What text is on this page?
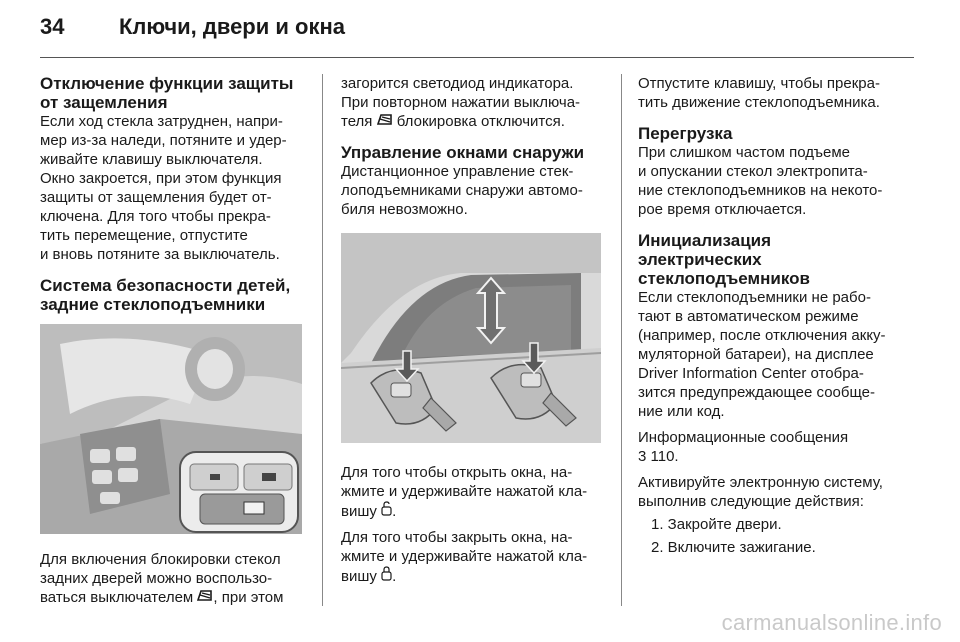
34 Ключи, двери и окна
Отключение функции защиты
от защемления
Если ход стекла затруднен, напри-
мер из-за наледи, потяните и удер-
живайте клавишу выключателя.
Окно закроется, при этом функция
защиты от защемления будет от-
ключена. Для того чтобы прекра-
тить перемещение, отпустите
и вновь потяните за выключатель.
Система безопасности детей,
задние стеклоподъемники
Для включения блокировки стекол
задних дверей можно воспользо-
ваться выключателем , при этом
загорится светодиод индикатора.
При повторном нажатии выключа-
теля  блокировка отключится.
Управление окнами снаружи
Дистанционное управление стек-
лоподъемниками снаружи автомо-
биля невозможно.
Для того чтобы открыть окна, на-
жмите и удерживайте нажатой кла-
вишу .
Для того чтобы закрыть окна, на-
жмите и удерживайте нажатой кла-
вишу .
Отпустите клавишу, чтобы прекра-
тить движение стеклоподъемника.
Перегрузка
При слишком частом подъеме
и опускании стекол электропита-
ние стеклоподъемников на некото-
рое время отключается.
Инициализация
электрических
стеклоподъемников
Если стеклоподъемники не рабо-
тают в автоматическом режиме
(например, после отключения акку-
муляторной батареи), на дисплее
Driver Information Center отобра-
зится предупреждающее сообще-
ние или код.
Информационные сообщения
3 110.
Активируйте электронную систему,
выполнив следующие действия:
1. Закройте двери.
2. Включите зажигание.
carmanualsonline.info
